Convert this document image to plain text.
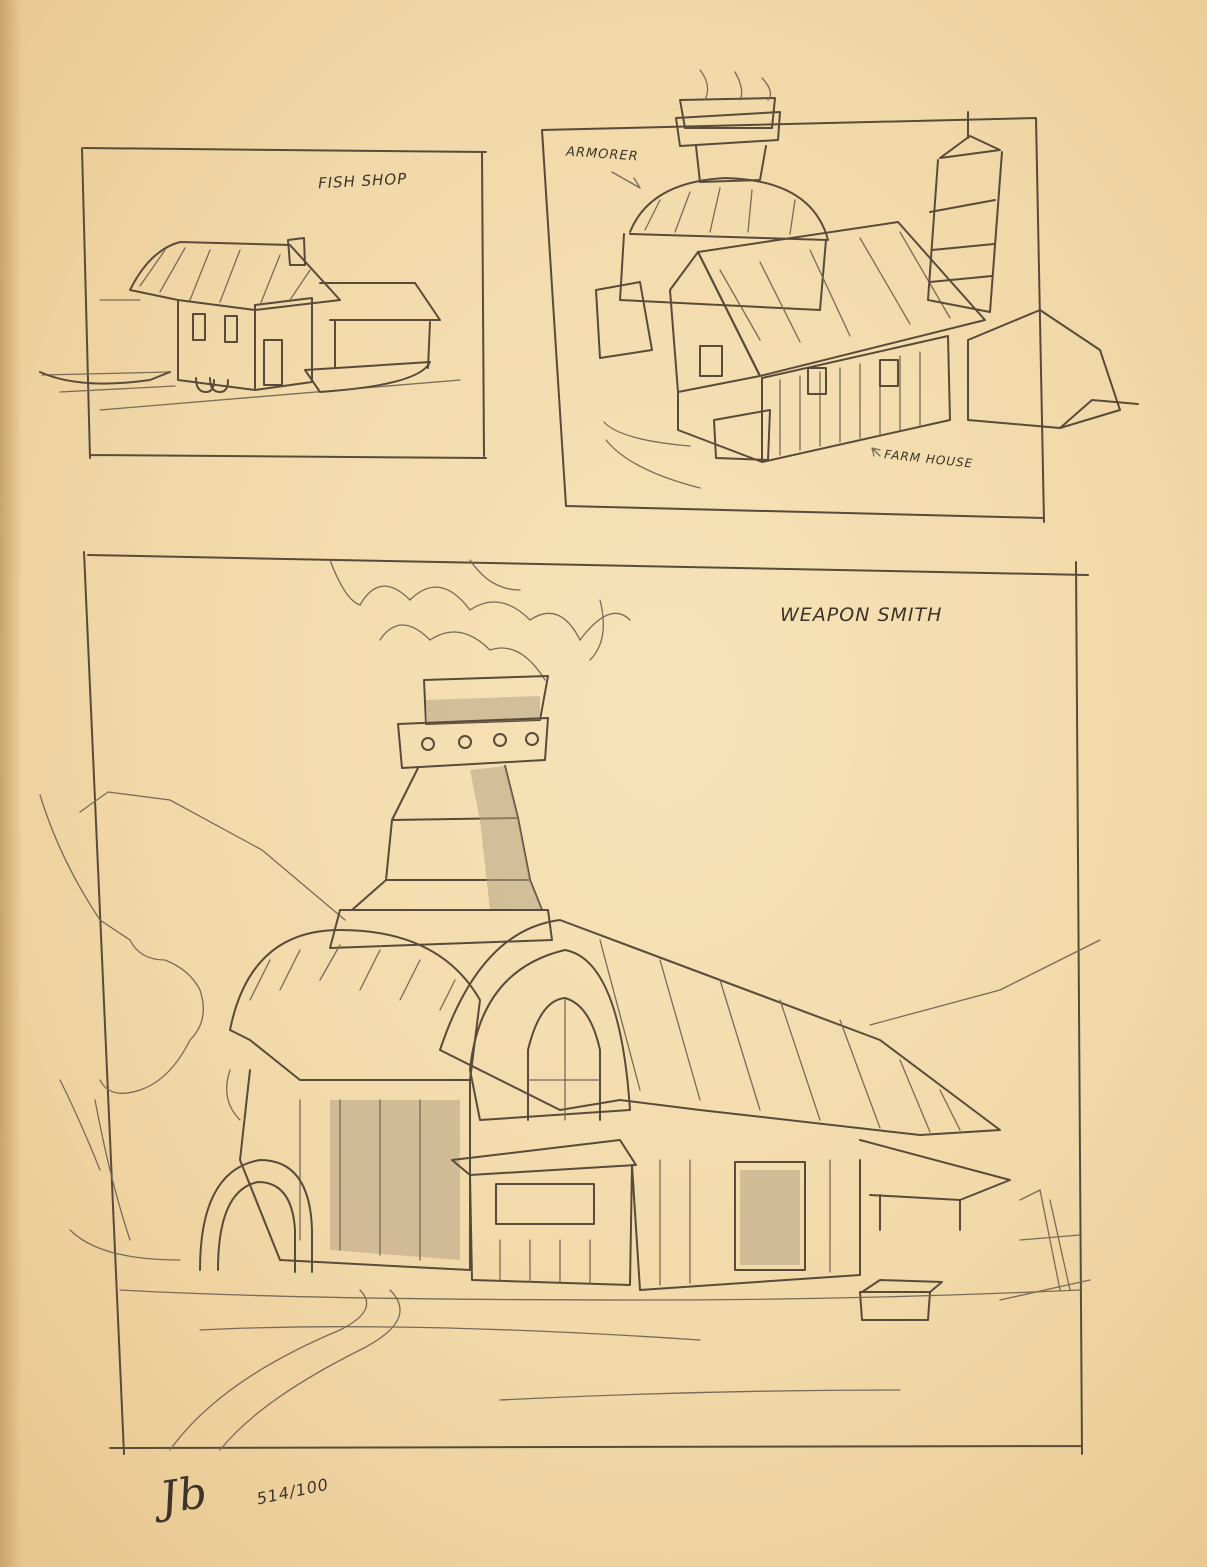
FISH SHOP
ARMORER
FARM HOUSE
WEAPON SMITH
Jb	514/100
